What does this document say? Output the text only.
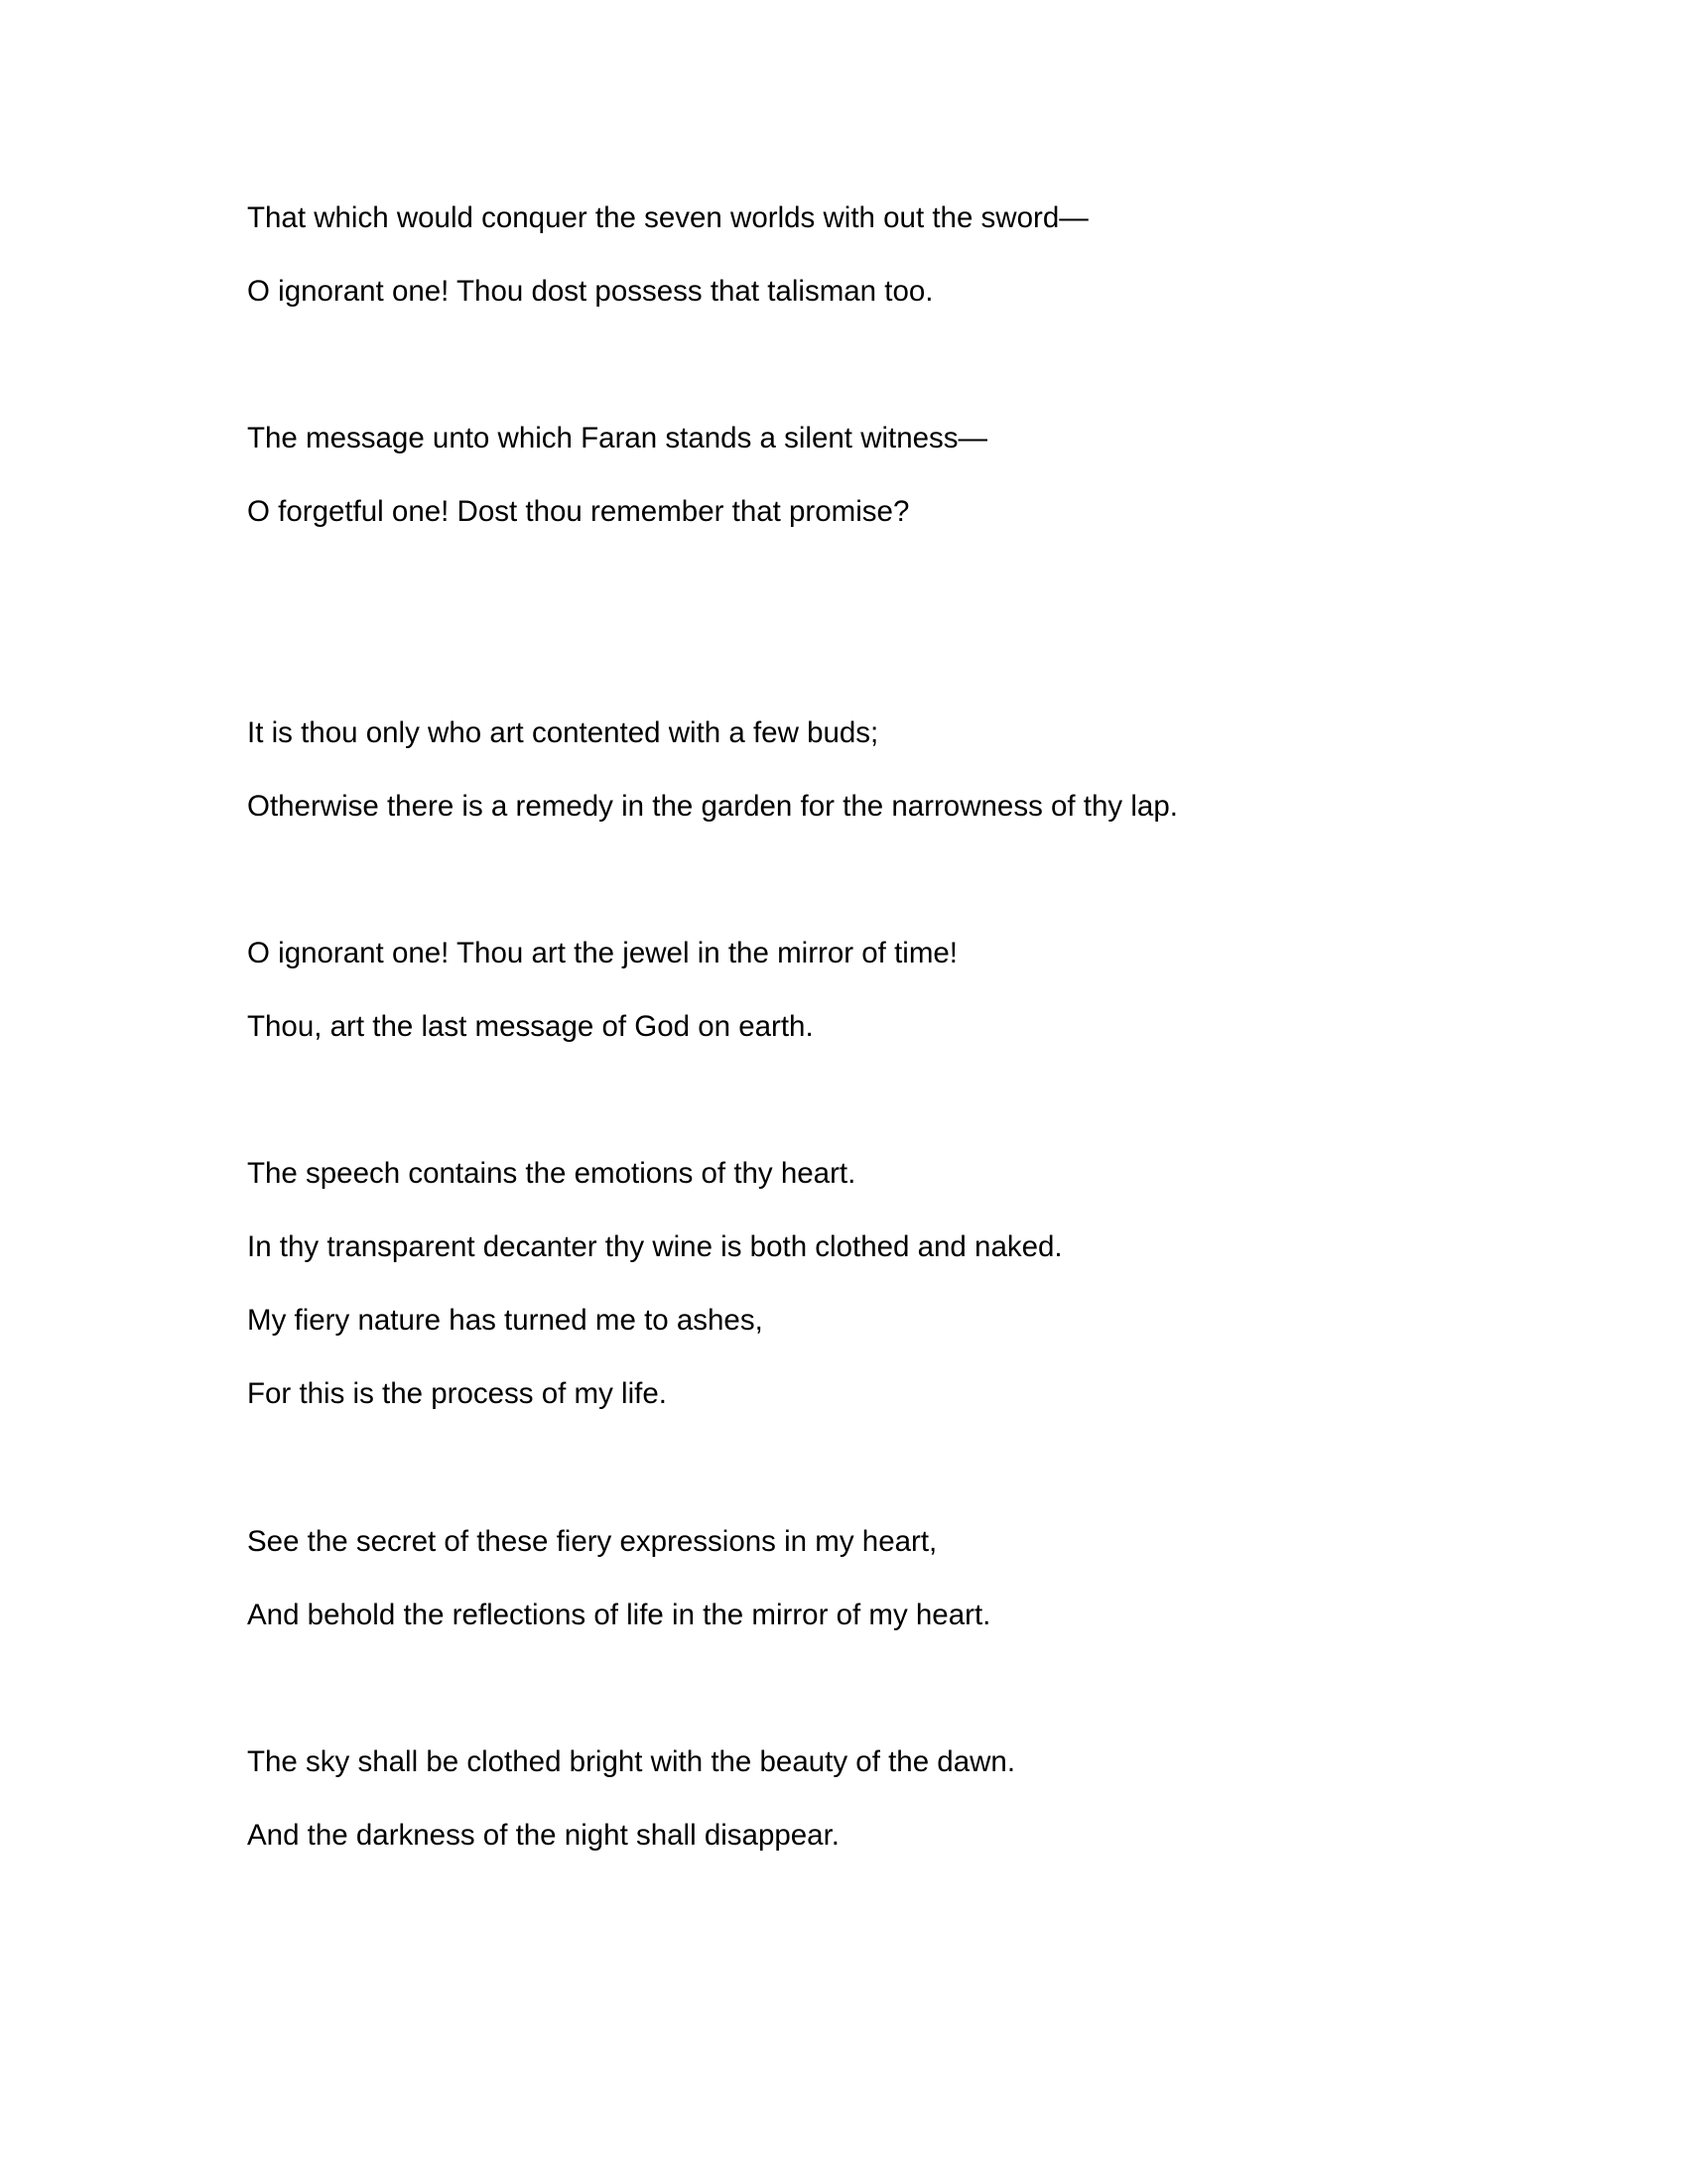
That which would conquer the seven worlds with out the sword—

O ignorant one! Thou dost possess that talisman too.

The message unto which Faran stands a silent witness—

O forgetful one! Dost thou remember that promise?

It is thou only who art contented with a few buds;

Otherwise there is a remedy in the garden for the narrowness of thy lap.

O ignorant one! Thou art the jewel in the mirror of time!

Thou, art the last message of God on earth.

The speech contains the emotions of thy heart.

In thy transparent decanter thy wine is both clothed and naked.

My fiery nature has turned me to ashes,

For this is the process of my life.

See the secret of these fiery expressions in my heart,

And behold the reflections of life in the mirror of my heart.

The sky shall be clothed bright with the beauty of the dawn.

And the darkness of the night shall disappear.
